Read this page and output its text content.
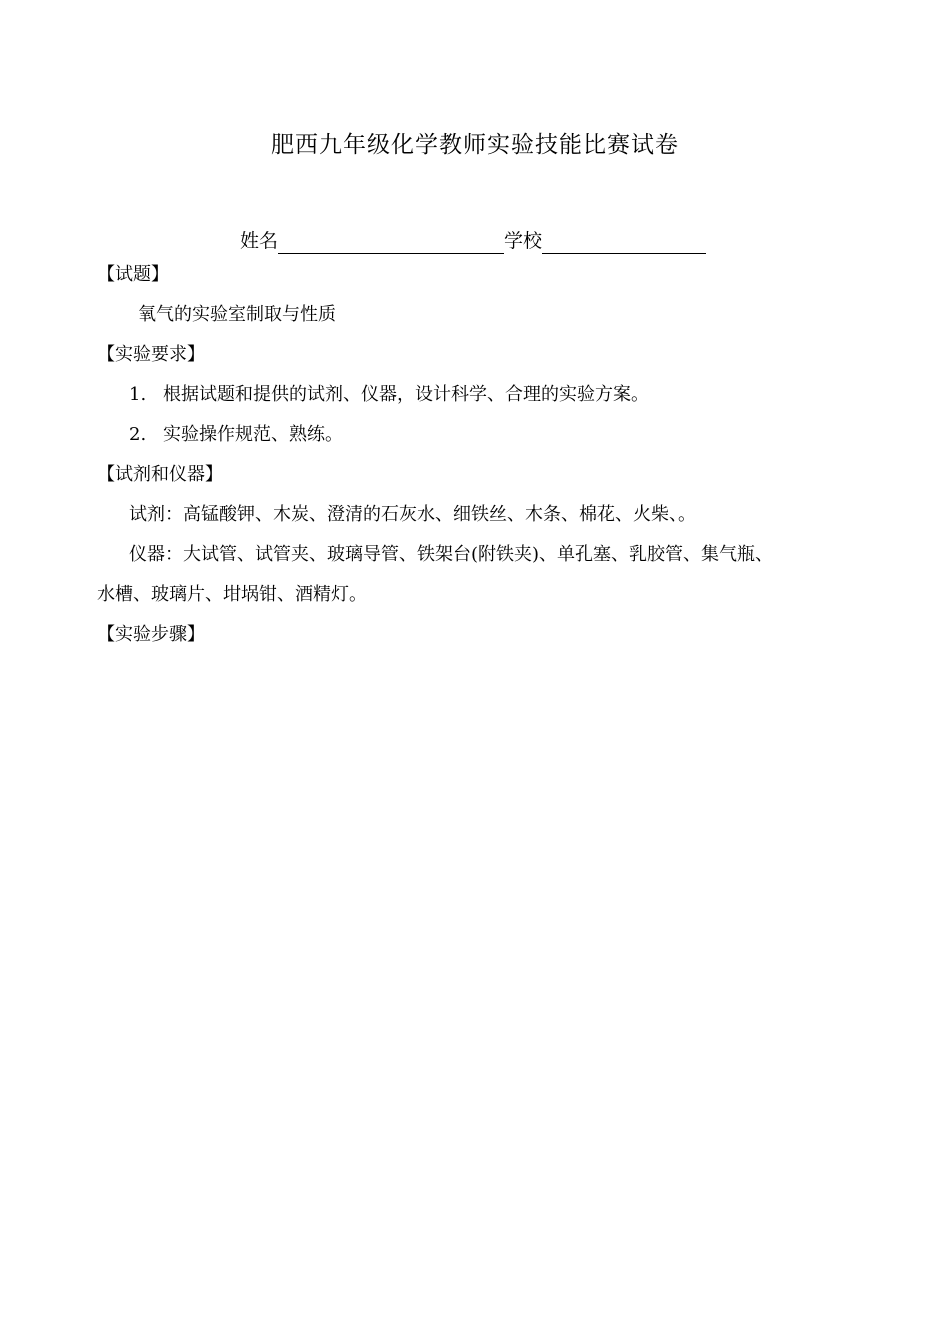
肥西九年级化学教师实验技能比赛试卷
姓名	学校
【试题】
氧气的实验室制取与性质
【实验要求】
1. 根据试题和提供的试剂、仪器，设计科学、合理的实验方案。
2. 实验操作规范、熟练。
【试剂和仪器】
试剂：高锰酸钾、木炭、澄清的石灰水、细铁丝、木条、棉花、火柴、。
仪器：大试管、试管夹、玻璃导管、铁架台(附铁夹)、单孔塞、乳胶管、集气瓶、
水槽、玻璃片、坩埚钳、酒精灯。
【实验步骤】
